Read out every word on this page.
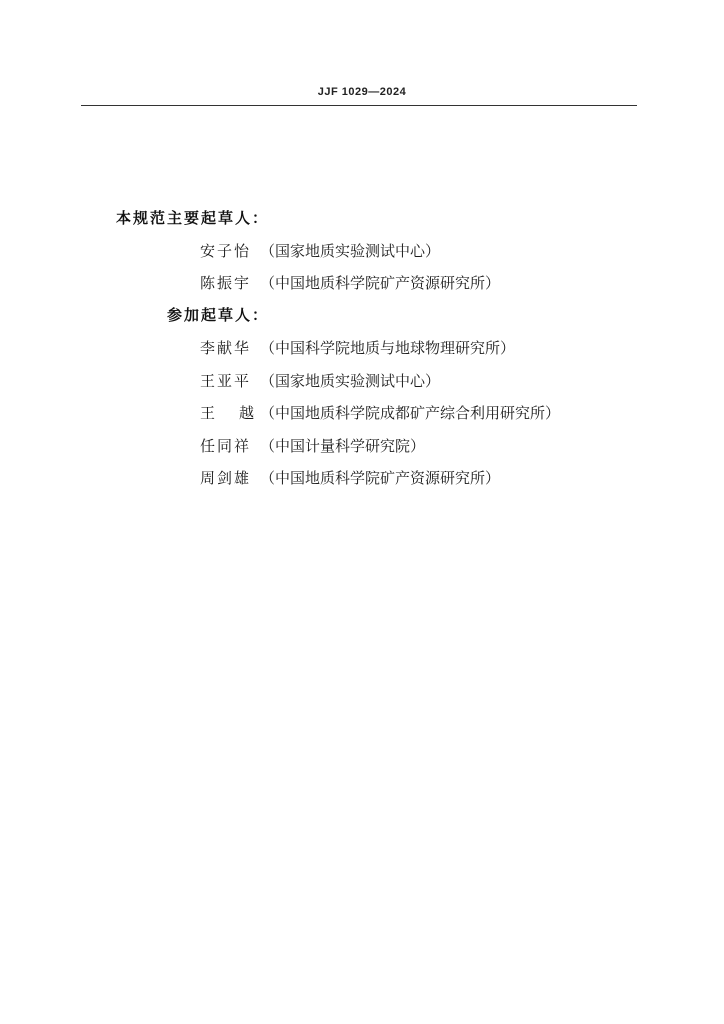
JJF 1029—2024
本规范主要起草人：
安子怡 （国家地质实验测试中心）
陈振宇 （中国地质科学院矿产资源研究所）
参加起草人：
李献华 （中国科学院地质与地球物理研究所）
王亚平 （国家地质实验测试中心）
王越（中国地质科学院成都矿产综合利用研究所）
任同祥 （中国计量科学研究院）
周剑雄 （中国地质科学院矿产资源研究所）
